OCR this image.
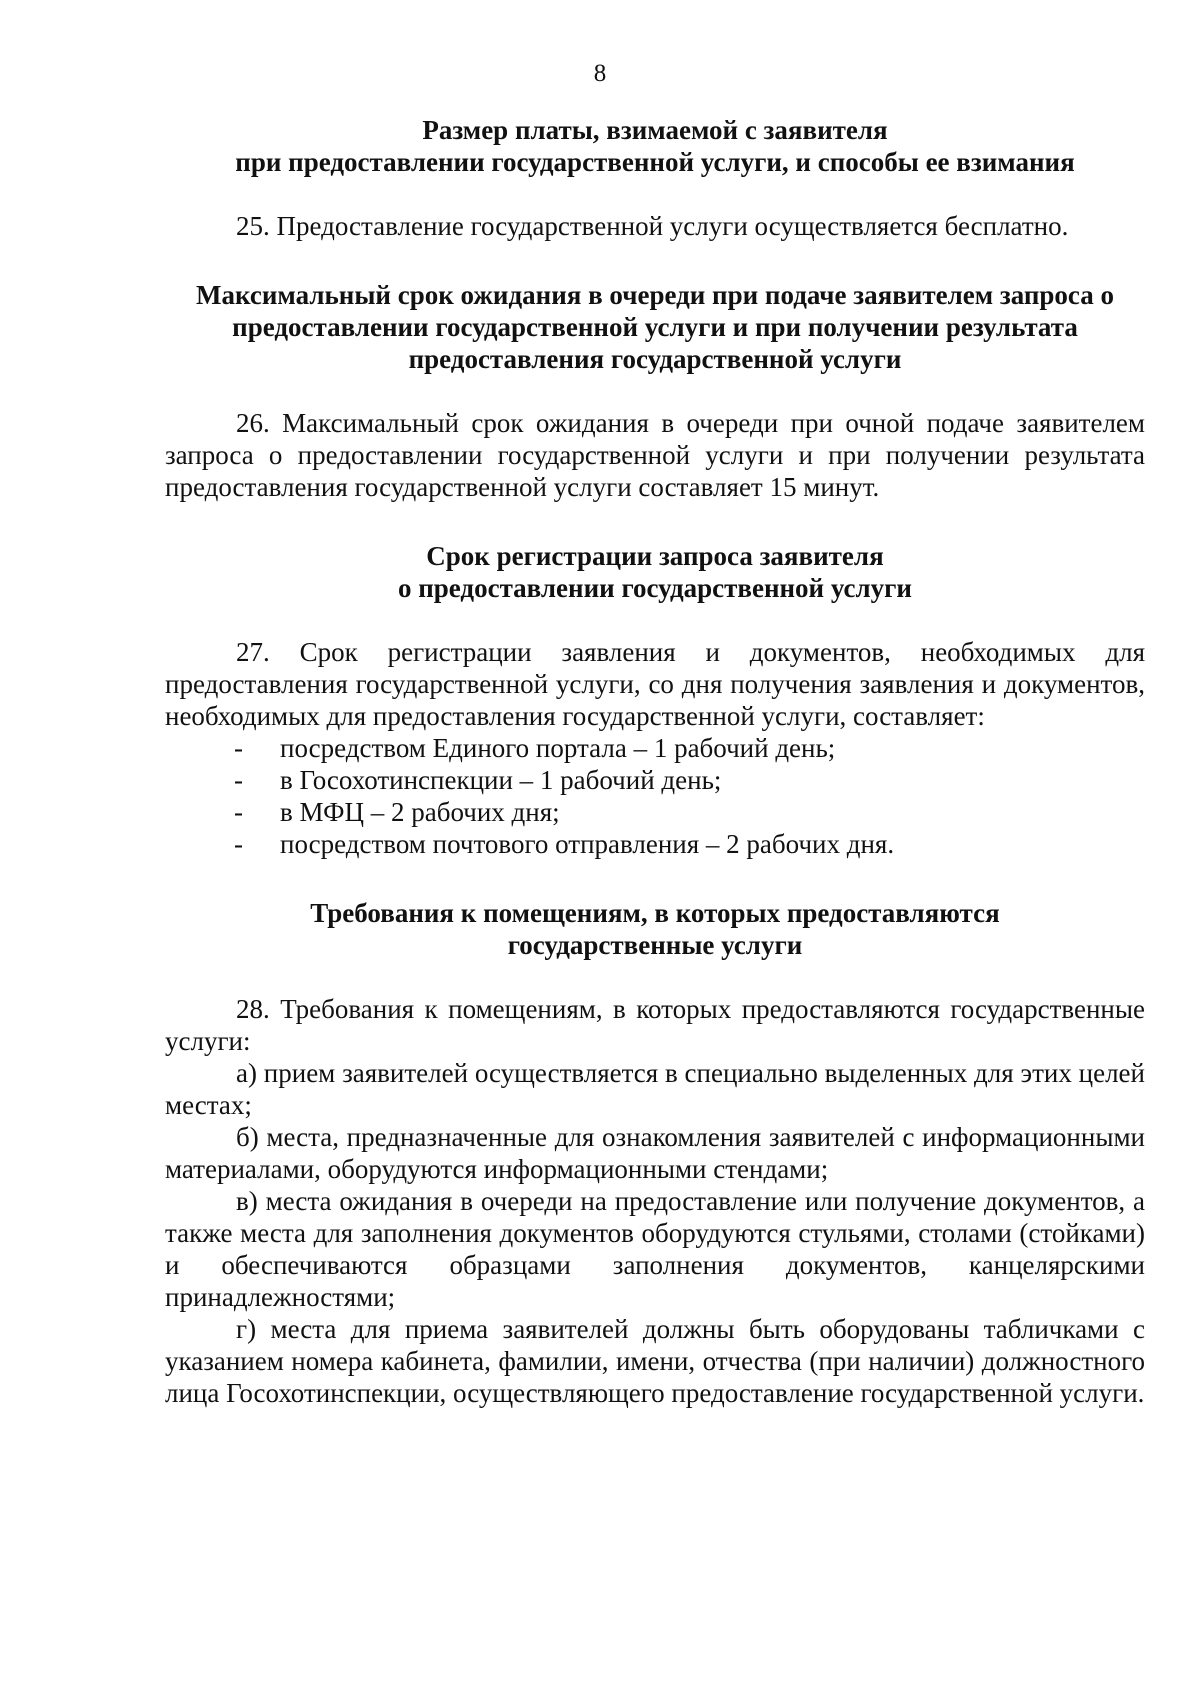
8
Размер платы, взимаемой с заявителя
при предоставлении государственной услуги, и способы ее взимания

25. Предоставление государственной услуги осуществляется бесплатно.

Максимальный срок ожидания в очереди при подаче заявителем запроса о
предоставлении государственной услуги и при получении результата
предоставления государственной услуги

26. Максимальный срок ожидания в очереди при очной подаче заявителем запроса о предоставлении государственной услуги и при получении результата предоставления государственной услуги составляет 15 минут.

Срок регистрации запроса заявителя
о предоставлении государственной услуги

27. Срок регистрации заявления и документов, необходимых для предоставления государственной услуги, со дня получения заявления и документов, необходимых для предоставления государственной услуги, составляет:

- посредством Единого портала – 1 рабочий день;
- в Госохотинспекции – 1 рабочий день;
- в МФЦ – 2 рабочих дня;
- посредством почтового отправления – 2 рабочих дня.
Требования к помещениям, в которых предоставляются
государственные услуги

28. Требования к помещениям, в которых предоставляются государственные услуги:

а) прием заявителей осуществляется в специально выделенных для этих целей местах;

б) места, предназначенные для ознакомления заявителей с информационными материалами, оборудуются информационными стендами;

в) места ожидания в очереди на предоставление или получение документов, а также места для заполнения документов оборудуются стульями, столами (стойками) и обеспечиваются образцами заполнения документов, канцелярскими принадлежностями;

г) места для приема заявителей должны быть оборудованы табличками с указанием номера кабинета, фамилии, имени, отчества (при наличии) должностного лица Госохотинспекции, осуществляющего предоставление государственной услуги.
